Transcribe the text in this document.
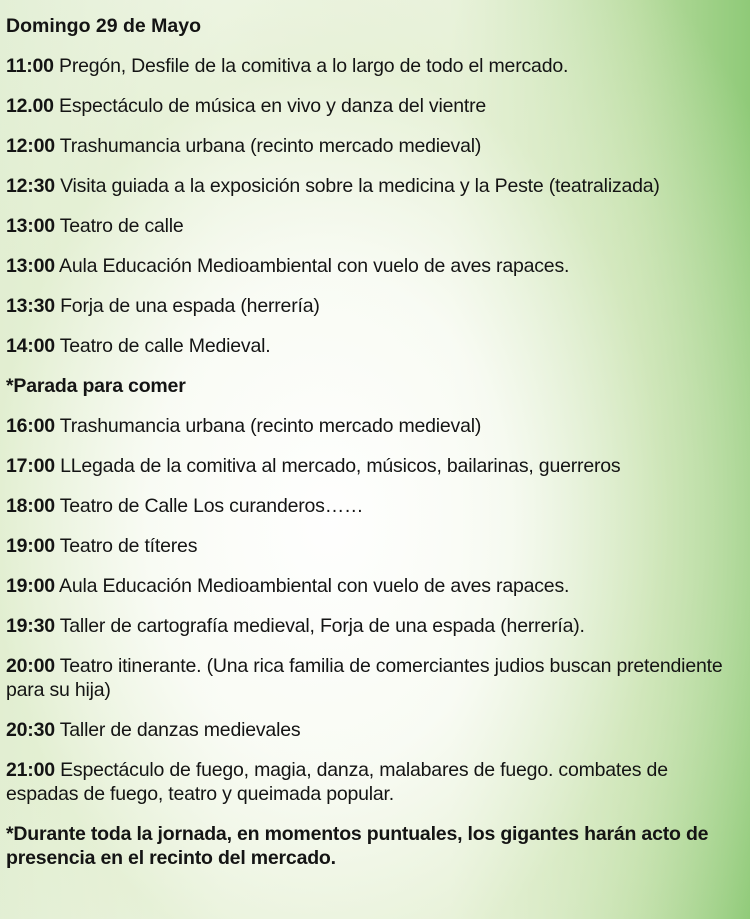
Domingo 29 de Mayo
11:00 Pregón, Desfile de la comitiva a lo largo de todo el mercado.
12.00 Espectáculo de música en vivo y danza del vientre
12:00 Trashumancia urbana (recinto mercado medieval)
12:30 Visita guiada a la exposición sobre la medicina y la Peste (teatralizada)
13:00 Teatro de calle
13:00 Aula Educación Medioambiental con vuelo de aves rapaces.
13:30 Forja de una espada (herrería)
14:00 Teatro de calle Medieval.
*Parada para comer
16:00 Trashumancia urbana (recinto mercado medieval)
17:00 LLegada de la comitiva al mercado, músicos, bailarinas, guerreros
18:00 Teatro de Calle Los curanderos……
19:00 Teatro de títeres
19:00 Aula Educación Medioambiental con vuelo de aves rapaces.
19:30 Taller de cartografía medieval, Forja de una espada (herrería).
20:00 Teatro itinerante. (Una rica familia de comerciantes judios buscan pretendiente para su hija)
20:30 Taller de danzas medievales
21:00 Espectáculo de fuego, magia, danza, malabares de fuego. combates de espadas de fuego, teatro y queimada popular.
*Durante toda la jornada, en momentos puntuales, los gigantes harán acto de presencia en el recinto del mercado.
